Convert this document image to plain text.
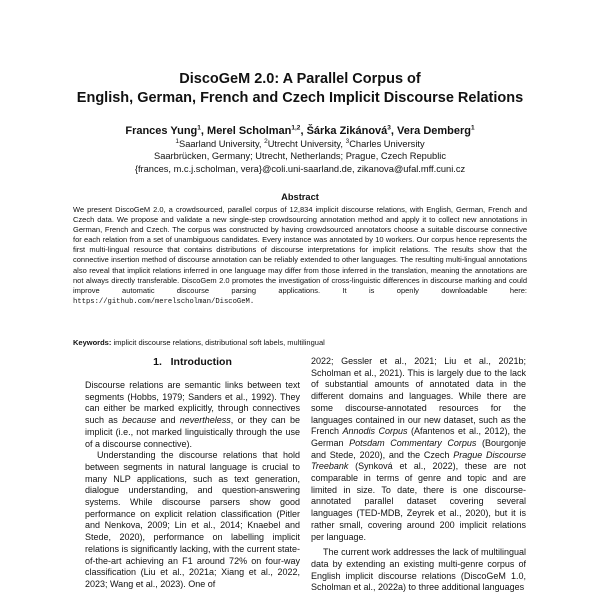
DiscoGeM 2.0: A Parallel Corpus of
English, German, French and Czech Implicit Discourse Relations
Frances Yung$^1$, Merel Scholman$^{1,2}$, Šárka Zikánová$^3$, Vera Demberg$^1$
$^1$Saarland University, $^2$Utrecht University, $^3$Charles University
Saarbrücken, Germany; Utrecht, Netherlands; Prague, Czech Republic
{frances, m.c.j.scholman, vera}@coli.uni-saarland.de, zikanova@ufal.mff.cuni.cz
Abstract
We present DiscoGeM 2.0, a crowdsourced, parallel corpus of 12,834 implicit discourse relations, with English, German, French and Czech data. We propose and validate a new single-step crowdsourcing annotation method and apply it to collect new annotations in German, French and Czech. The corpus was constructed by having crowdsourced annotators choose a suitable discourse connective for each relation from a set of unambiguous candidates. Every instance was annotated by 10 workers. Our corpus hence represents the first multi-lingual resource that contains distributions of discourse interpretations for implicit relations. The results show that the connective insertion method of discourse annotation can be reliably extended to other languages. The resulting multi-lingual annotations also reveal that implicit relations inferred in one language may differ from those inferred in the translation, meaning the annotations are not always directly transferable. DiscoGem 2.0 promotes the investigation of cross-linguistic differences in discourse marking and could improve automatic discourse parsing applications. It is openly downloadable here: https://github.com/merelscholman/DiscoGeM.
Keywords: implicit discourse relations, distributional soft labels, multilingual
1. Introduction

Discourse relations are semantic links between text segments (Hobbs, 1979; Sanders et al., 1992). They can either be marked explicitly, through connectives such as because and nevertheless, or they can be implicit (i.e., not marked linguistically through the use of a discourse connective).

Understanding the discourse relations that hold between segments in natural language is crucial to many NLP applications, such as text generation, dialogue understanding, and question-answering systems. While discourse parsers show good performance on explicit relation classification (Pitler and Nenkova, 2009; Lin et al., 2014; Knaebel and Stede, 2020), performance on labelling implicit relations is significantly lacking, with the current state-of-the-art achieving an F1 around 72% on four-way classification (Liu et al., 2021a; Xiang et al., 2022, 2023; Wang et al., 2023). One of

2022; Gessler et al., 2021; Liu et al., 2021b; Scholman et al., 2021). This is largely due to the lack of substantial amounts of annotated data in the different domains and languages. While there are some discourse-annotated resources for the languages contained in our new dataset, such as the French Annodis Corpus (Afantenos et al., 2012), the German Potsdam Commentary Corpus (Bourgonje and Stede, 2020), and the Czech Prague Discourse Treebank (Synková et al., 2022), these are not comparable in terms of genre and topic and are limited in size. To date, there is one discourse-annotated parallel dataset covering several languages (TED-MDB, Zeyrek et al., 2020), but it is rather small, covering around 200 implicit relations per language.

The current work addresses the lack of multilingual data by extending an existing multi-genre corpus of English implicit discourse relations (DiscoGeM 1.0, Scholman et al., 2022a) to three additional languages
